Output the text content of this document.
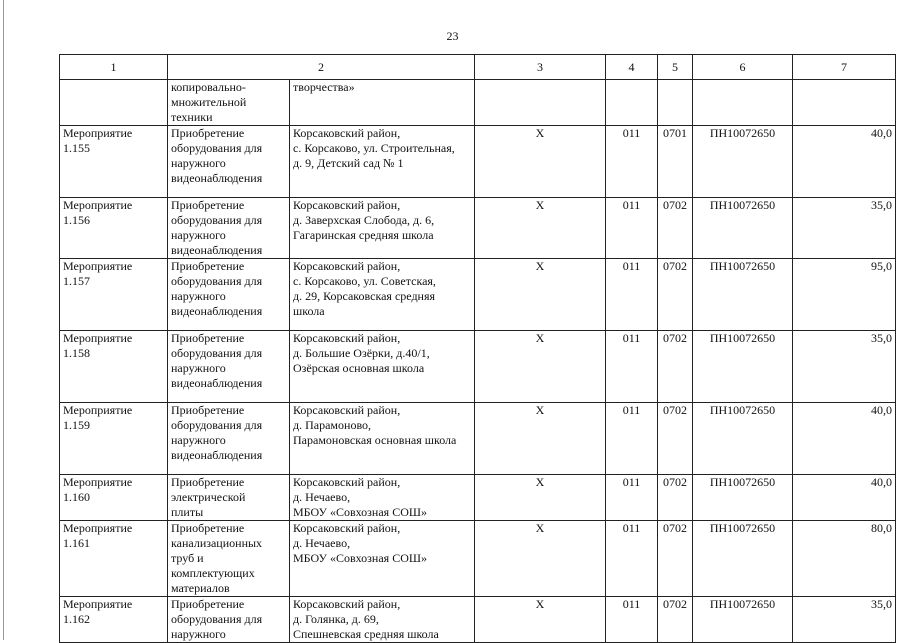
23
1	2		3	4	5	6	7
	копировально-
множительной
техники	творчества»					
Мероприятие
1.155	Приобретение
оборудования для
наружного
видеонаблюдения	Корсаковский район,
с. Корсаково, ул. Строительная,
д. 9, Детский сад № 1	Х	011	0701	ПН10072650	40,0
Мероприятие
1.156	Приобретение
оборудования для
наружного
видеонаблюдения	Корсаковский район,
д. Заверхская Слобода, д. 6,
Гагаринская средняя школа	Х	011	0702	ПН10072650	35,0
Мероприятие
1.157	Приобретение
оборудования для
наружного
видеонаблюдения	Корсаковский район,
с. Корсаково, ул. Советская,
д. 29, Корсаковская средняя
школа	Х	011	0702	ПН10072650	95,0
Мероприятие
1.158	Приобретение
оборудования для
наружного
видеонаблюдения	Корсаковский район,
д. Большие Озёрки, д.40/1,
Озёрская основная школа	Х	011	0702	ПН10072650	35,0
Мероприятие
1.159	Приобретение
оборудования для
наружного
видеонаблюдения	Корсаковский район,
д. Парамоново,
Парамоновская основная школа	Х	011	0702	ПН10072650	40,0
Мероприятие
1.160	Приобретение
электрической
плиты	Корсаковский район,
д. Нечаево,
МБОУ «Совхозная СОШ»	Х	011	0702	ПН10072650	40,0
Мероприятие
1.161	Приобретение
канализационных
труб и
комплектующих
материалов	Корсаковский район,
д. Нечаево,
МБОУ «Совхозная СОШ»	Х	011	0702	ПН10072650	80,0
Мероприятие
1.162	Приобретение
оборудования для
наружного	Корсаковский район,
д. Голянка, д. 69,
Спешневская средняя школа	Х	011	0702	ПН10072650	35,0
